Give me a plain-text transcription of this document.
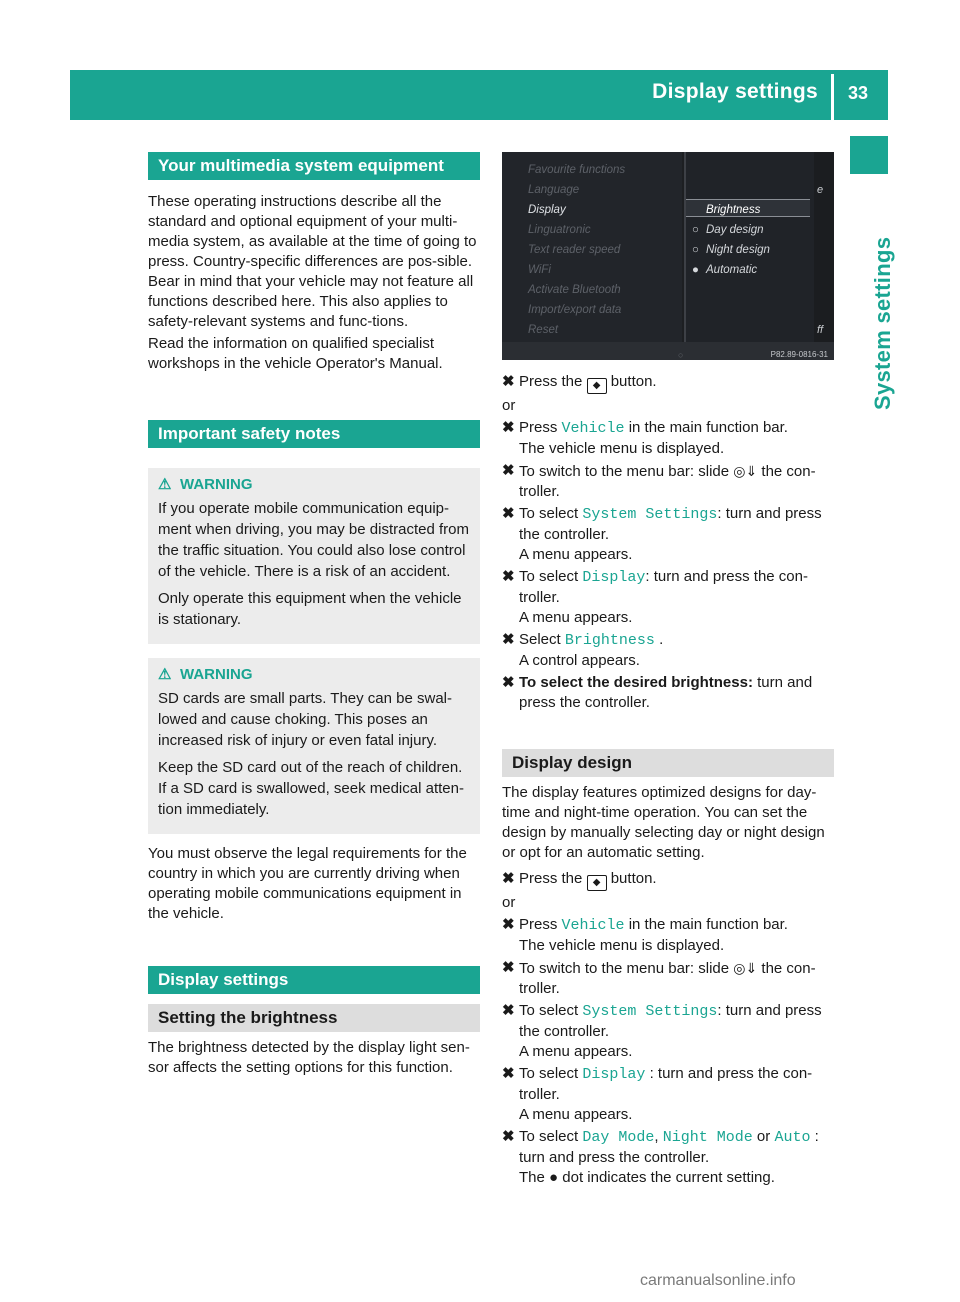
Display settings 33
System settings
Your multimedia system equipment

These operating instructions describe all the standard and optional equipment of your multi-media system, as available at the time of going to press. Country-specific differences are pos-sible. Bear in mind that your vehicle may not feature all functions described here. This also applies to safety-relevant systems and func-tions.

Read the information on qualified specialist workshops in the vehicle Operator's Manual.

Important safety notes
⚠ WARNING

If you operate mobile communication equip-ment when driving, you may be distracted from the traffic situation. You could also lose control of the vehicle. There is a risk of an accident.

Only operate this equipment when the vehicle is stationary.

⚠ WARNING

SD cards are small parts. They can be swal-lowed and cause choking. This poses an increased risk of injury or even fatal injury.

Keep the SD card out of the reach of children. If a SD card is swallowed, seek medical atten-tion immediately.

You must observe the legal requirements for the country in which you are currently driving when operating mobile communications equipment in the vehicle.

Display settings
Setting the brightness

The brightness detected by the display light sen-sor affects the setting options for this function.

Favourite functions
Language
Display
Linguatronic
Text reader speed
WiFi
Activate Bluetooth
Import/export data
Reset
Brightness
○ Day design
○ Night design
● Automatic
e
ff
○	P82.89-0816-31
✖ Press the ◆ button.

or

✖ Press Vehicle in the main function bar.
The vehicle menu is displayed.
✖ To switch to the menu bar: slide ◎⇓ the con-troller.
✖ To select System Settings: turn and press the controller.
A menu appears.
✖ To select Display: turn and press the con-troller.
A menu appears.
✖ Select Brightness .
A control appears.
✖ To select the desired brightness: turn and press the controller.
Display design

The display features optimized designs for day-time and night-time operation. You can set the design by manually selecting day or night design or opt for an automatic setting.

✖ Press the ◆ button.

or

✖ Press Vehicle in the main function bar.
The vehicle menu is displayed.
✖ To switch to the menu bar: slide ◎⇓ the con-troller.
✖ To select System Settings: turn and press the controller.
A menu appears.
✖ To select Display : turn and press the con-troller.
A menu appears.
✖ To select Day Mode, Night Mode or Auto :
turn and press the controller.
The ● dot indicates the current setting.
carmanualsonline.info
